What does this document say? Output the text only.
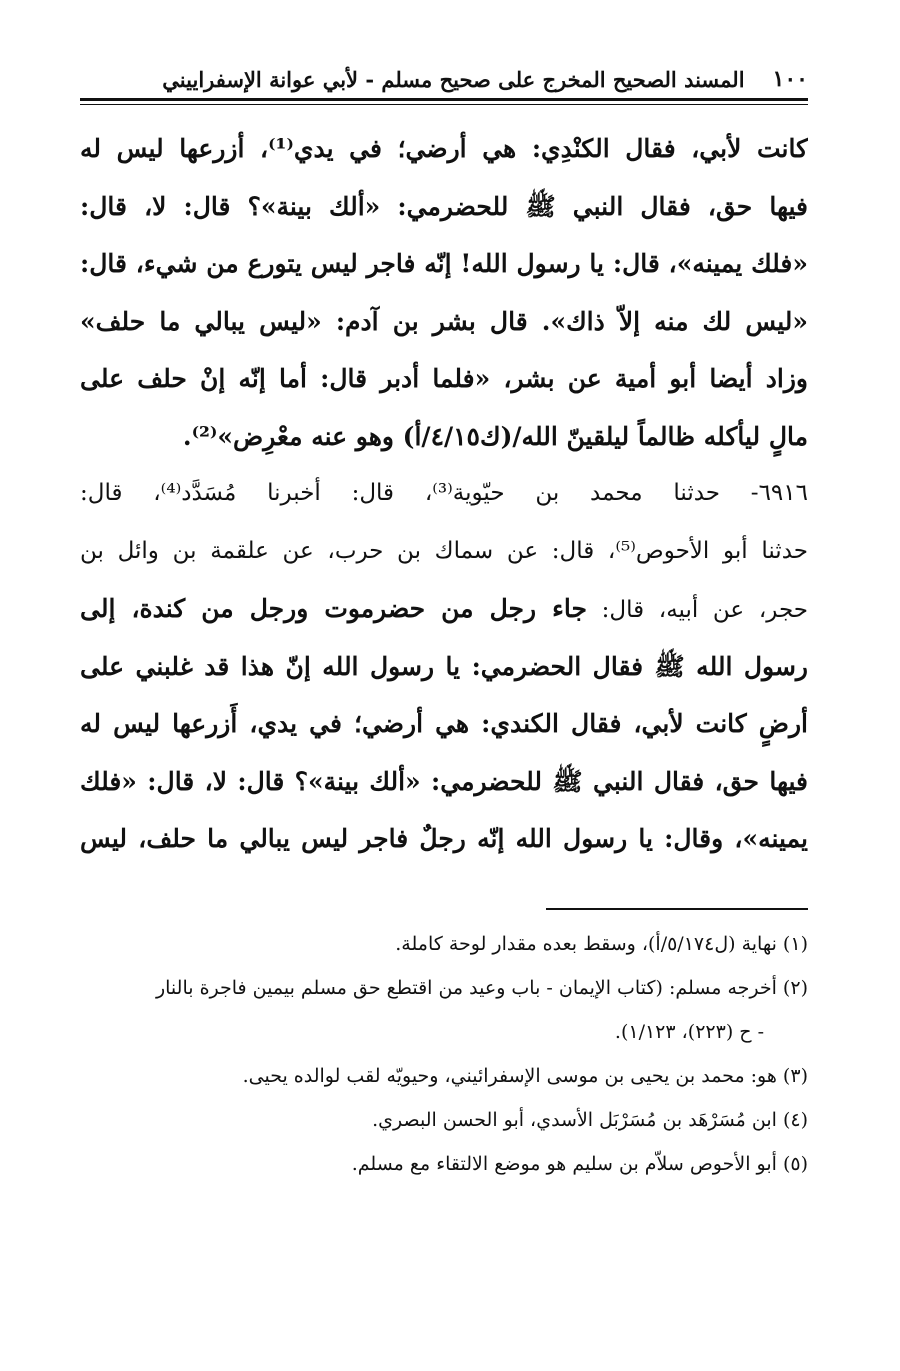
١٠٠
المسند الصحيح المخرج على صحيح مسلم - لأبي عوانة الإسفراييني
كانت لأبي، فقال الكنْدِي: هي أرضي؛ في يدي⁽¹⁾، أزرعها ليس له
فيها حق، فقال النبي ﷺ للحضرمي: «ألك بينة»؟ قال: لا، قال:
«فلك يمينه»، قال: يا رسول الله! إنّه فاجر ليس يتورع من شيء، قال:
«ليس لك منه إلاّ ذاك». قال بشر بن آدم: «ليس يبالي ما حلف»
وزاد أيضا أبو أمية عن بشر، «فلما أدبر قال: أما إنّه إنْ حلف على
مالٍ ليأكله ظالماً ليلقينّ الله/(ك٤/١٥/أ) وهو عنه معْرِض»⁽²⁾.
٦٩١٦- حدثنا محمد بن حيّوية⁽³⁾، قال: أخبرنا مُسَدَّد⁽⁴⁾، قال:
حدثنا أبو الأحوص⁽⁵⁾، قال: عن سماك بن حرب، عن علقمة بن وائل بن
حجر، عن أبيه، قال: جاء رجل من حضرموت ورجل من كندة، إلى
رسول الله ﷺ فقال الحضرمي: يا رسول الله إنّ هذا قد غلبني على
أرضٍ كانت لأبي، فقال الكندي: هي أرضي؛ في يدي، أَزرعها ليس له
فيها حق، فقال النبي ﷺ للحضرمي: «ألك بينة»؟ قال: لا، قال: «فلك
يمينه»، وقال: يا رسول الله إنّه رجلٌ فاجر ليس يبالي ما حلف، ليس
(١) نهاية (ل٥/١٧٤/أ)، وسقط بعده مقدار لوحة كاملة.
(٢) أخرجه مسلم: (كتاب الإيمان - باب وعيد من اقتطع حق مسلم بيمين فاجرة بالنار
- ح (٢٢٣)، ١/١٢٣).
(٣) هو: محمد بن يحيى بن موسى الإسفرائيني، وحيويّه لقب لوالده يحيى.
(٤) ابن مُسَرْهَد بن مُسَرْبَل الأسدي، أبو الحسن البصري.
(٥) أبو الأحوص سلاّم بن سليم هو موضع الالتقاء مع مسلم.
